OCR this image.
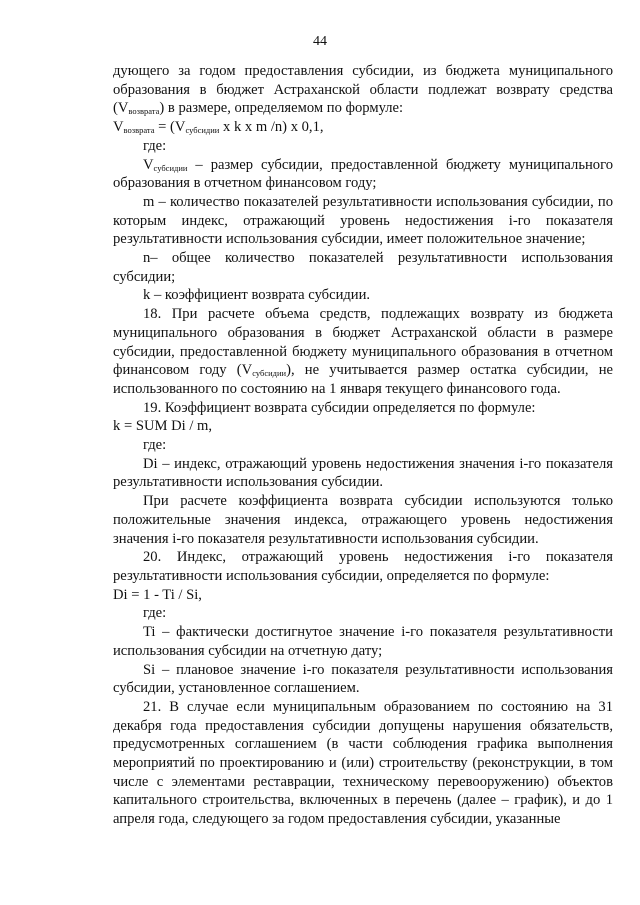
44

дующего за годом предоставления субсидии, из бюджета муниципального образования в бюджет Астраханской области подлежат возврату средства $(V_{возврата})$ в размере, определяемом по формуле:

$V_{возврата} = (V_{субсидии}$ x k x m /n) x 0,1,

где:

$V_{субсидии}$ – размер субсидии, предоставленной бюджету муниципального образования в отчетном финансовом году;

m – количество показателей результативности использования субсидии, по которым индекс, отражающий уровень недостижения i-го показателя результативности использования субсидии, имеет положительное значение;

n– общее количество показателей результативности использования субсидии;

k – коэффициент возврата субсидии.

18. При расчете объема средств, подлежащих возврату из бюджета муниципального образования в бюджет Астраханской области в размере субсидии, предоставленной бюджету муниципального образования в отчетном финансовом году $(V_{субсидии})$, не учитывается размер остатка субсидии, не использованного по состоянию на 1 января текущего финансового года.

19. Коэффициент возврата субсидии определяется по формуле:

k = SUM Di / m,

где:

Di – индекс, отражающий уровень недостижения значения i-го показателя результативности использования субсидии.

При расчете коэффициента возврата субсидии используются только положительные значения индекса, отражающего уровень недостижения значения i-го показателя результативности использования субсидии.

20. Индекс, отражающий уровень недостижения i-го показателя результативности использования субсидии, определяется по формуле:

Di = 1 - Ti / Si,

где:

Ti – фактически достигнутое значение i-го показателя результативности использования субсидии на отчетную дату;

Si – плановое значение i-го показателя результативности использования субсидии, установленное соглашением.

21. В случае если муниципальным образованием по состоянию на 31 декабря года предоставления субсидии допущены нарушения обязательств, предусмотренных соглашением (в части соблюдения графика выполнения мероприятий по проектированию и (или) строительству (реконструкции, в том числе с элементами реставрации, техническому перевооружению) объектов капитального строительства, включенных в перечень (далее – график), и до 1 апреля года, следующего за годом предоставления субсидии, указанные
